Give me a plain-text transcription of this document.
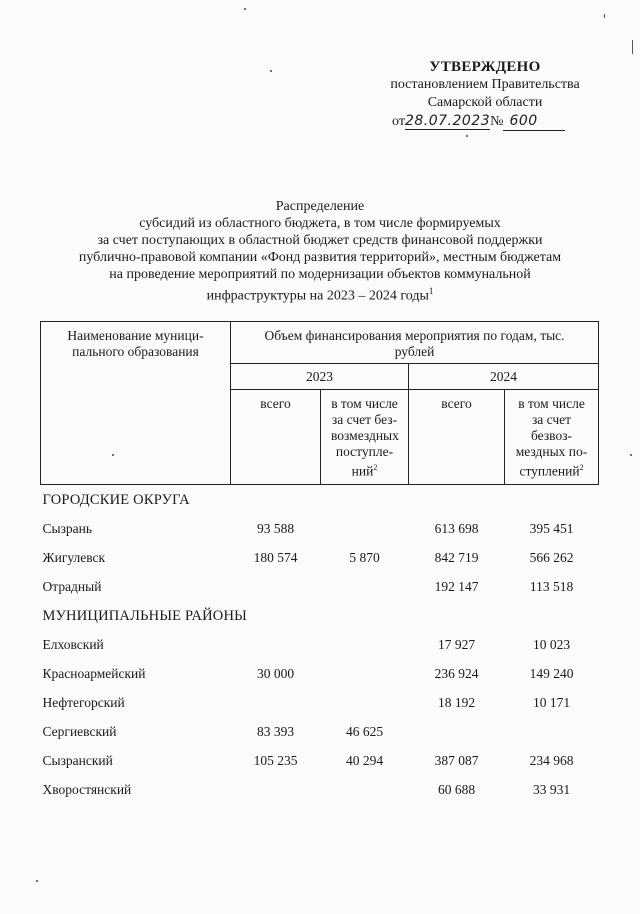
УТВЕРЖДЕНО
постановлением Правительства
Самарской области
от28.07.2023№ 600
Распределение
субсидий из областного бюджета, в том числе формируемых
за счет поступающих в областной бюджет средств финансовой поддержки
публично-правовой компании «Фонд развития территорий», местным бюджетам
на проведение мероприятий по модернизации объектов коммунальной
инфраструктуры на 2023 – 2024 годы$^1$
Наименование муници-пального образования	Объем финансирования мероприятия по годам, тыс. рублей			
	2023		2024	
	всего	в том числе за счет без-возмездных поступле-ний$^2$	всего	в том числе за счет безвоз-мездных по-ступлений$^2$
ГОРОДСКИЕ ОКРУГА				
Сызрань	93 588		613 698	395 451
Жигулевск	180 574	5 870	842 719	566 262
Отрадный			192 147	113 518
МУНИЦИПАЛЬНЫЕ РАЙОНЫ				
Елховский			17 927	10 023
Красноармейский	30 000		236 924	149 240
Нефтегорский			18 192	10 171
Сергиевский	83 393	46 625		
Сызранский	105 235	40 294	387 087	234 968
Хворостянский			60 688	33 931
